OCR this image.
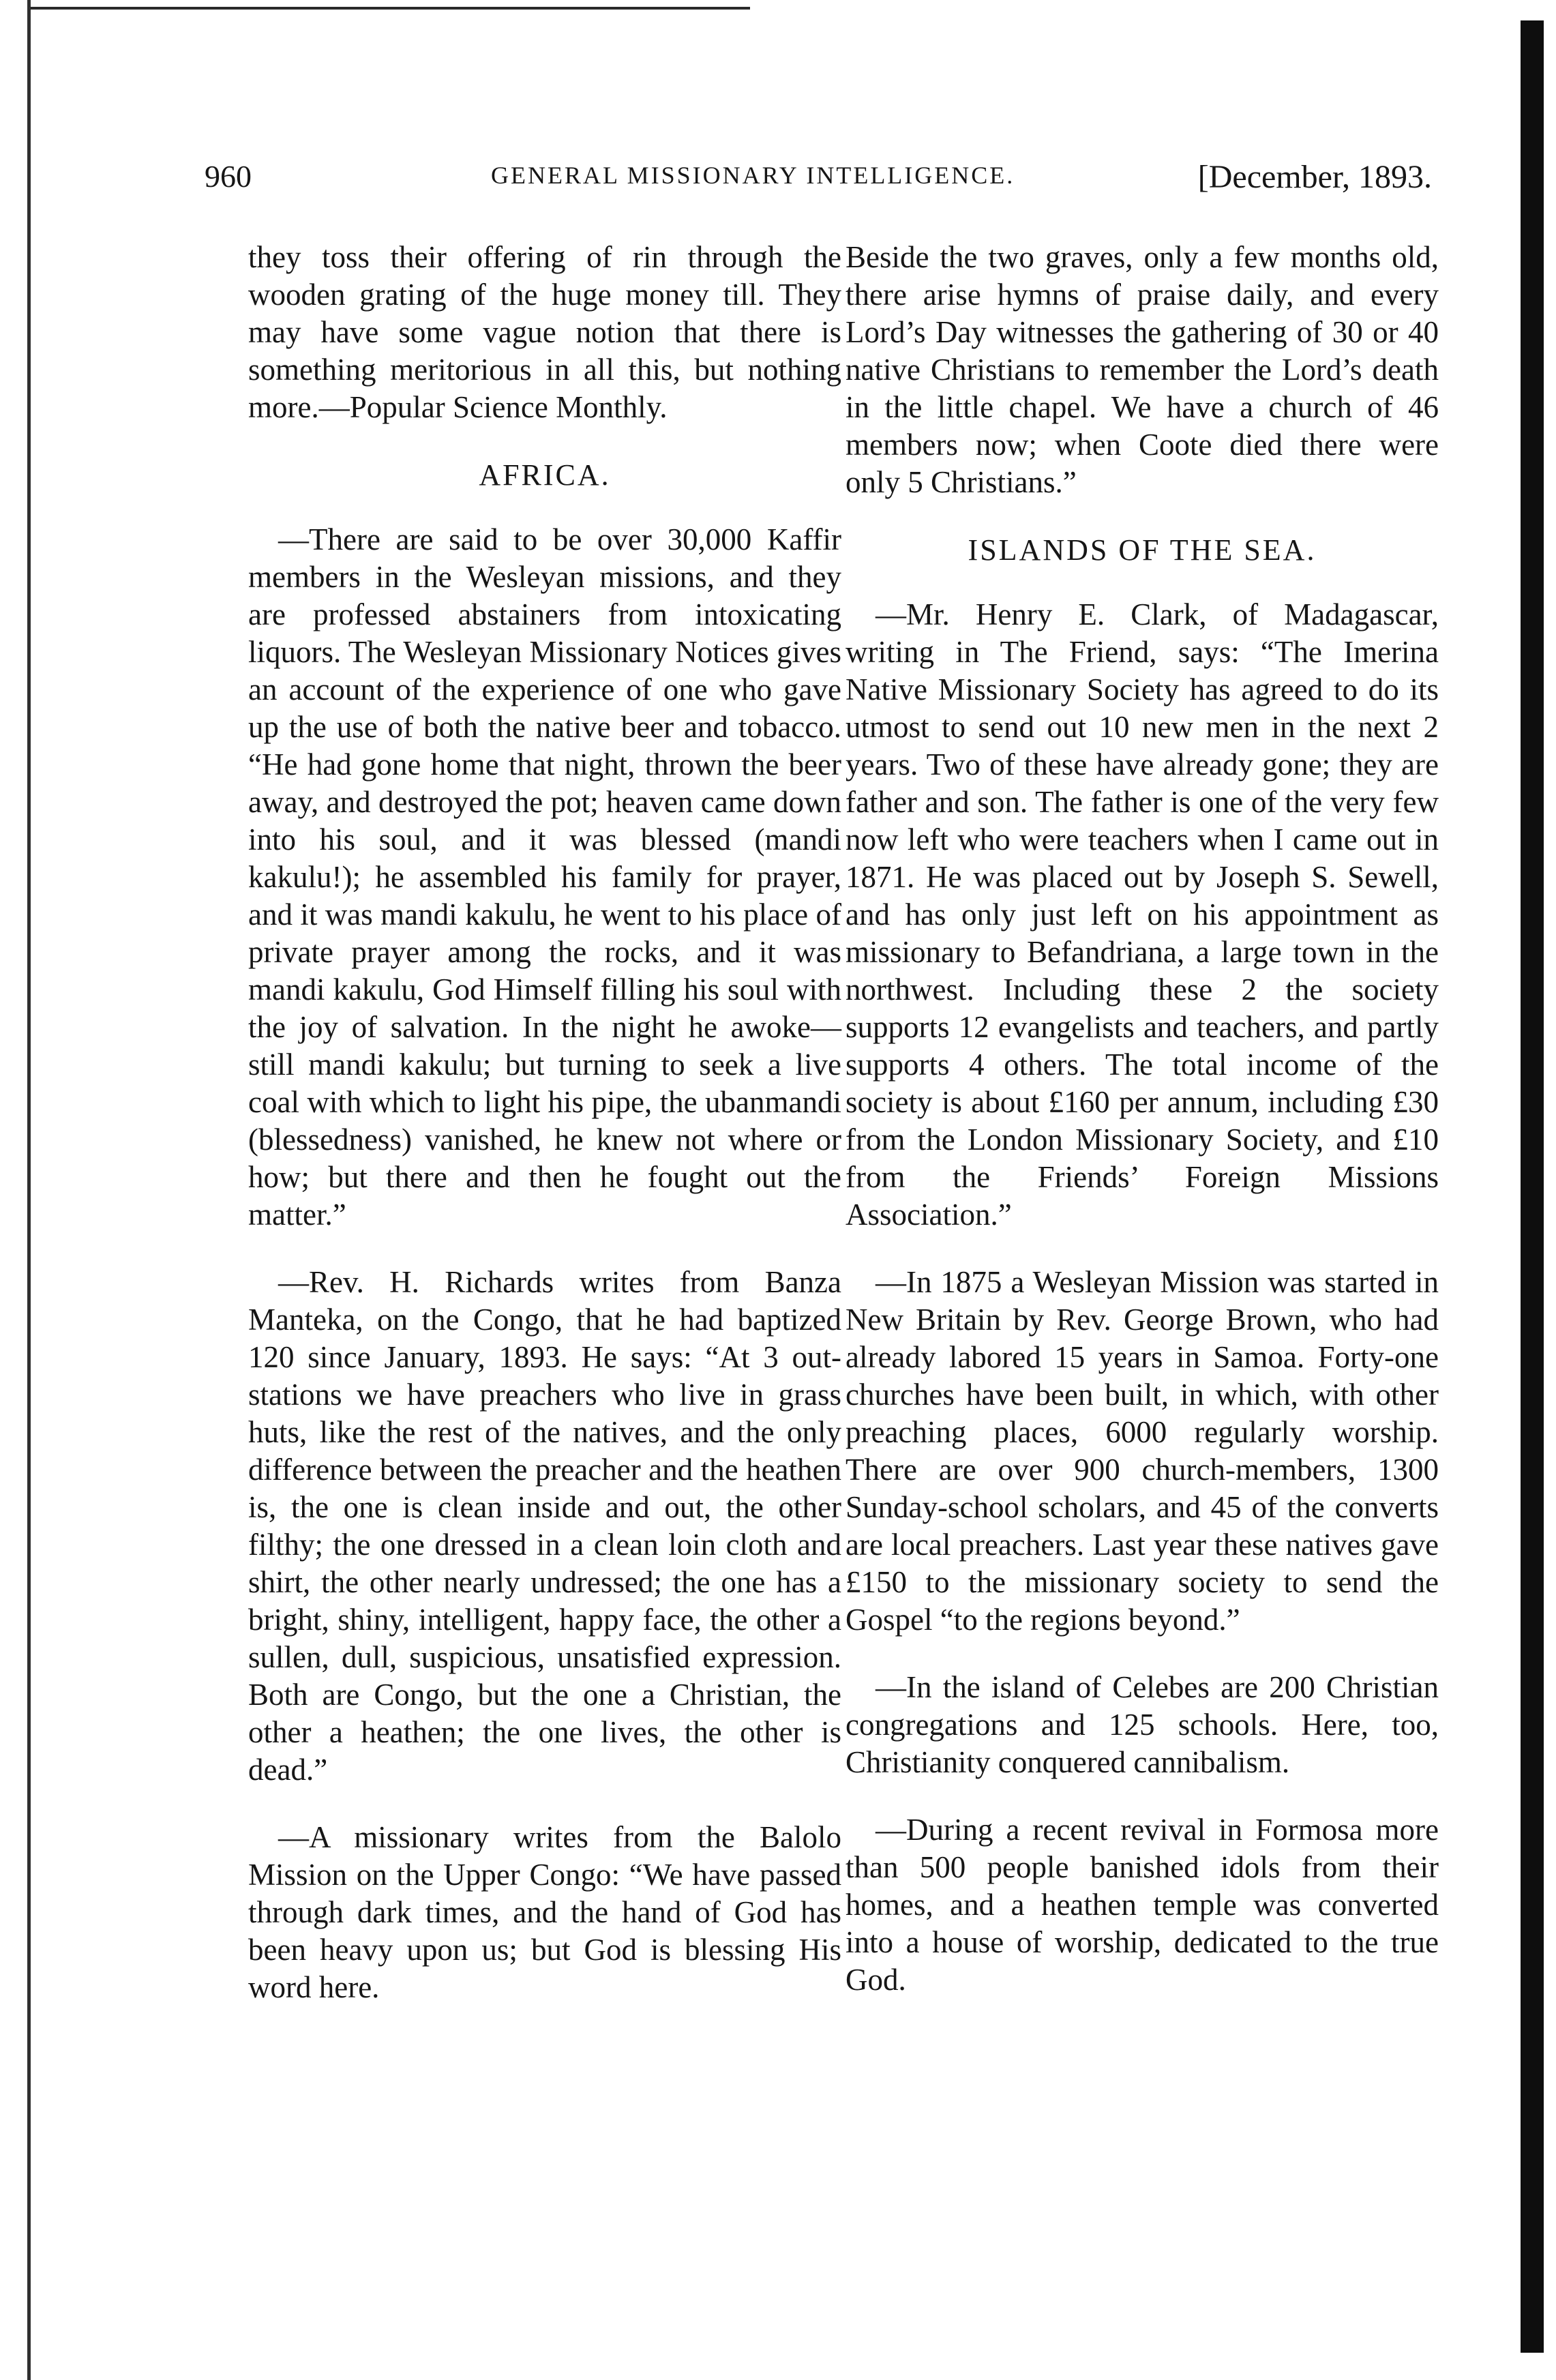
960	GENERAL MISSIONARY INTELLIGENCE.	[December, 1893.

they toss their offering of rin through the wooden grating of the huge money till. They may have some vague notion that there is something meritorious in all this, but nothing more.—Popular Science Monthly.

AFRICA.

—There are said to be over 30,000 Kaffir members in the Wesleyan missions, and they are professed abstainers from intoxicating liquors. The Wesleyan Missionary Notices gives an account of the experience of one who gave up the use of both the native beer and tobacco. “He had gone home that night, thrown the beer away, and destroyed the pot; heaven came down into his soul, and it was blessed (mandi kakulu!); he assembled his family for prayer, and it was mandi kakulu, he went to his place of private prayer among the rocks, and it was mandi kakulu, God Himself filling his soul with the joy of salvation. In the night he awoke—still mandi kakulu; but turning to seek a live coal with which to light his pipe, the ubanmandi (blessedness) vanished, he knew not where or how; but there and then he fought out the matter.”

—Rev. H. Richards writes from Banza Manteka, on the Congo, that he had baptized 120 since January, 1893. He says: “At 3 out-stations we have preachers who live in grass huts, like the rest of the natives, and the only difference between the preacher and the heathen is, the one is clean inside and out, the other filthy; the one dressed in a clean loin cloth and shirt, the other nearly undressed; the one has a bright, shiny, intelligent, happy face, the other a sullen, dull, suspicious, unsatisfied expression. Both are Congo, but the one a Christian, the other a heathen; the one lives, the other is dead.”

—A missionary writes from the Balolo Mission on the Upper Congo: “We have passed through dark times, and the hand of God has been heavy upon us; but God is blessing His word here.

Beside the two graves, only a few months old, there arise hymns of praise daily, and every Lord’s Day witnesses the gathering of 30 or 40 native Christians to remember the Lord’s death in the little chapel. We have a church of 46 members now; when Coote died there were only 5 Christians.”

ISLANDS OF THE SEA.

—Mr. Henry E. Clark, of Madagascar, writing in The Friend, says: “The Imerina Native Missionary Society has agreed to do its utmost to send out 10 new men in the next 2 years. Two of these have already gone; they are father and son. The father is one of the very few now left who were teachers when I came out in 1871. He was placed out by Joseph S. Sewell, and has only just left on his appointment as missionary to Befandriana, a large town in the northwest. Including these 2 the society supports 12 evangelists and teachers, and partly supports 4 others. The total income of the society is about £160 per annum, including £30 from the London Missionary Society, and £10 from the Friends’ Foreign Missions Association.”

—In 1875 a Wesleyan Mission was started in New Britain by Rev. George Brown, who had already labored 15 years in Samoa. Forty-one churches have been built, in which, with other preaching places, 6000 regularly worship. There are over 900 church-members, 1300 Sunday-school scholars, and 45 of the converts are local preachers. Last year these natives gave £150 to the missionary society to send the Gospel “to the regions beyond.”

—In the island of Celebes are 200 Christian congregations and 125 schools. Here, too, Christianity conquered cannibalism.

—During a recent revival in Formosa more than 500 people banished idols from their homes, and a heathen temple was converted into a house of worship, dedicated to the true God.
